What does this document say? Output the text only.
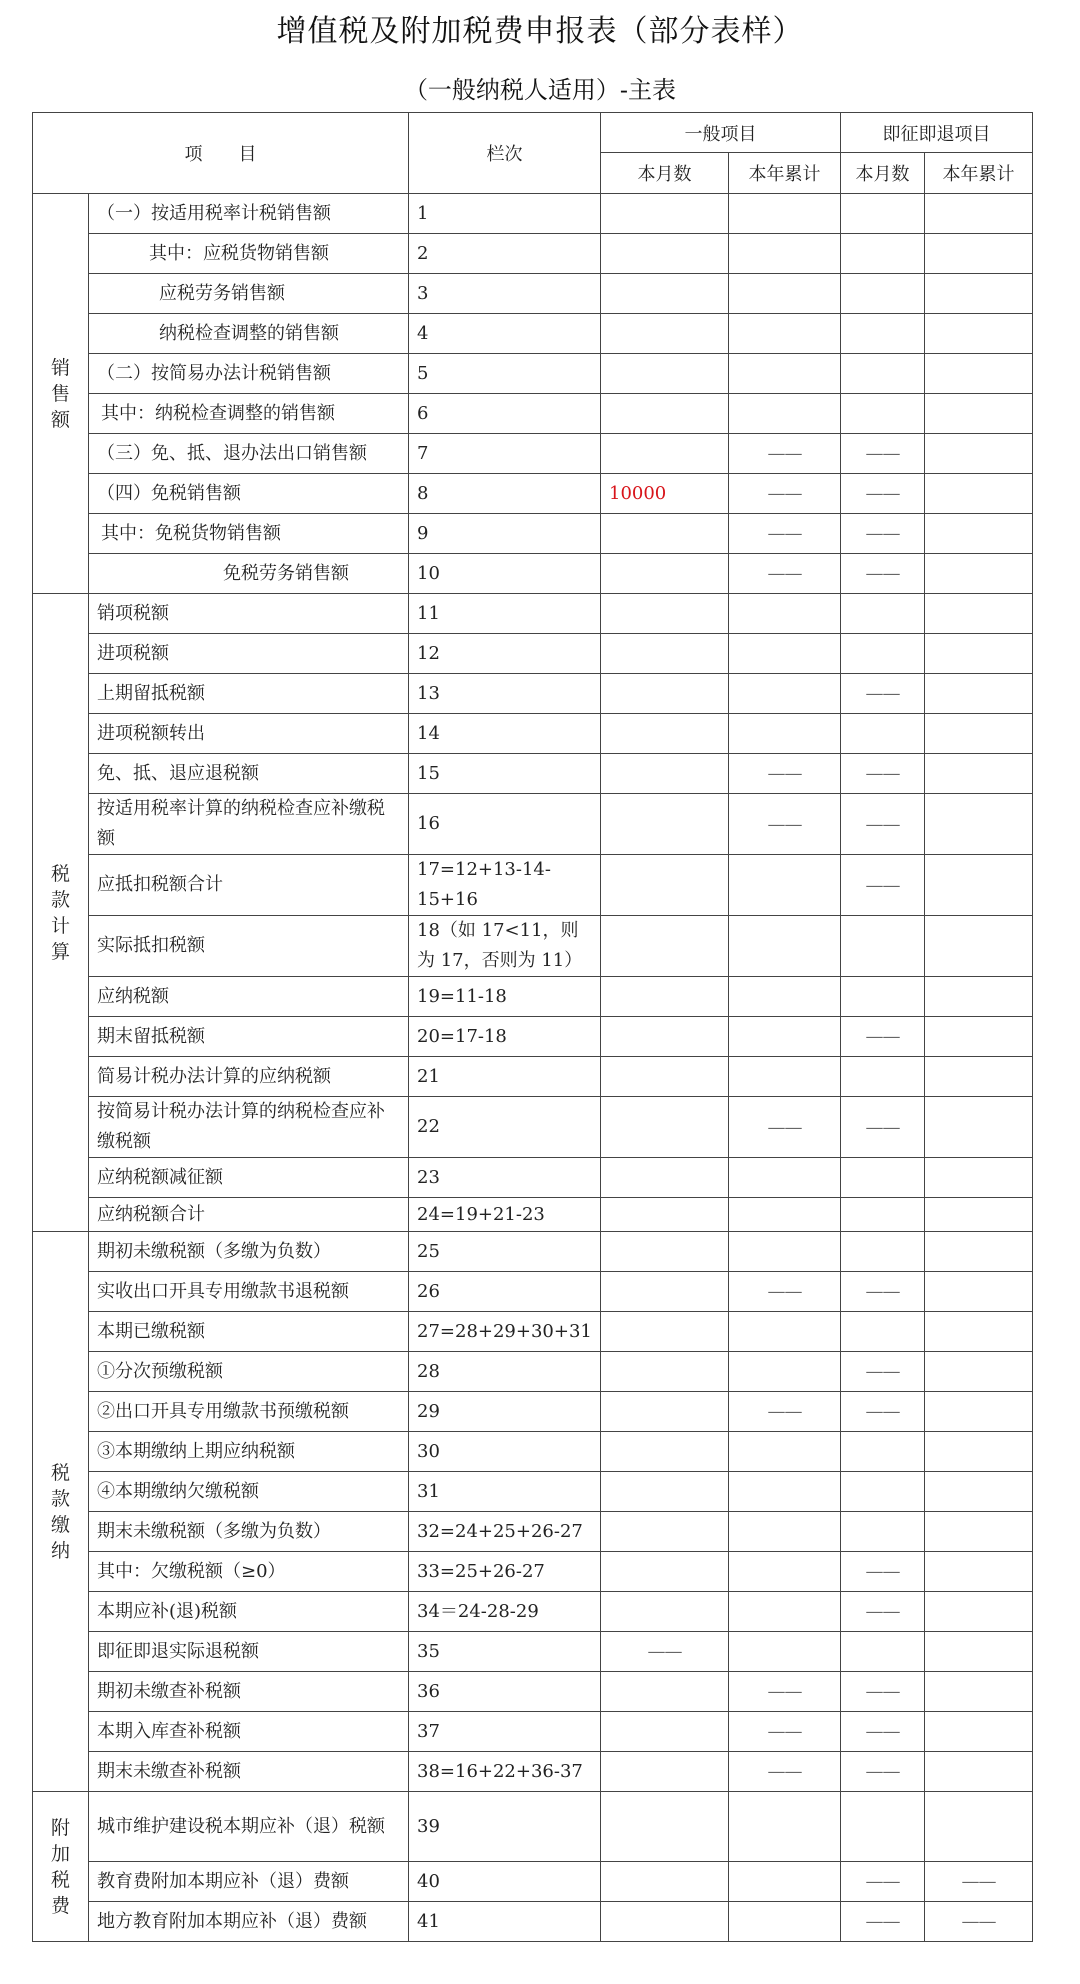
增值税及附加税费申报表（部分表样）
（一般纳税人适用）-主表
项　　目		栏次	一般项目		即征即退项目	
			本月数	本年累计	本月数	本年累计
销售额	（一）按适用税率计税销售额	1				
	其中：应税货物销售额	2				
	应税劳务销售额	3				
	纳税检查调整的销售额	4				
	（二）按简易办法计税销售额	5				
	其中：纳税检查调整的销售额	6				
	（三）免、抵、退办法出口销售额	7		——	——	
	（四）免税销售额	8	10000	——	——	
	其中：免税货物销售额	9		——	——	
	免税劳务销售额	10		——	——	
税款计算	销项税额	11				
	进项税额	12				
	上期留抵税额	13			——	
	进项税额转出	14				
	免、抵、退应退税额	15		——	——	
	按适用税率计算的纳税检查应补缴税额	16		——	——	
	应抵扣税额合计	17=12+13-14-15+16			——	
	实际抵扣税额	18（如 17<11，则为 17，否则为 11）				
	应纳税额	19=11-18				
	期末留抵税额	20=17-18			——	
	简易计税办法计算的应纳税额	21				
	按简易计税办法计算的纳税检查应补缴税额	22		——	——	
	应纳税额减征额	23				
	应纳税额合计	24=19+21-23				
税款缴纳	期初未缴税额（多缴为负数）	25				
	实收出口开具专用缴款书退税额	26		——	——	
	本期已缴税额	27=28+29+30+31				
	①分次预缴税额	28			——	
	②出口开具专用缴款书预缴税额	29		——	——	
	③本期缴纳上期应纳税额	30				
	④本期缴纳欠缴税额	31				
	期末未缴税额（多缴为负数）	32=24+25+26-27				
	其中：欠缴税额（≥0）	33=25+26-27			——	
	本期应补(退)税额	34＝24-28-29			——	
	即征即退实际退税额	35	——			
	期初未缴查补税额	36		——	——	
	本期入库查补税额	37		——	——	
	期末未缴查补税额	38=16+22+36-37		——	——	
附加税费	城市维护建设税本期应补（退）税额	39				
	教育费附加本期应补（退）费额	40			——	——
	地方教育附加本期应补（退）费额	41			——	——
